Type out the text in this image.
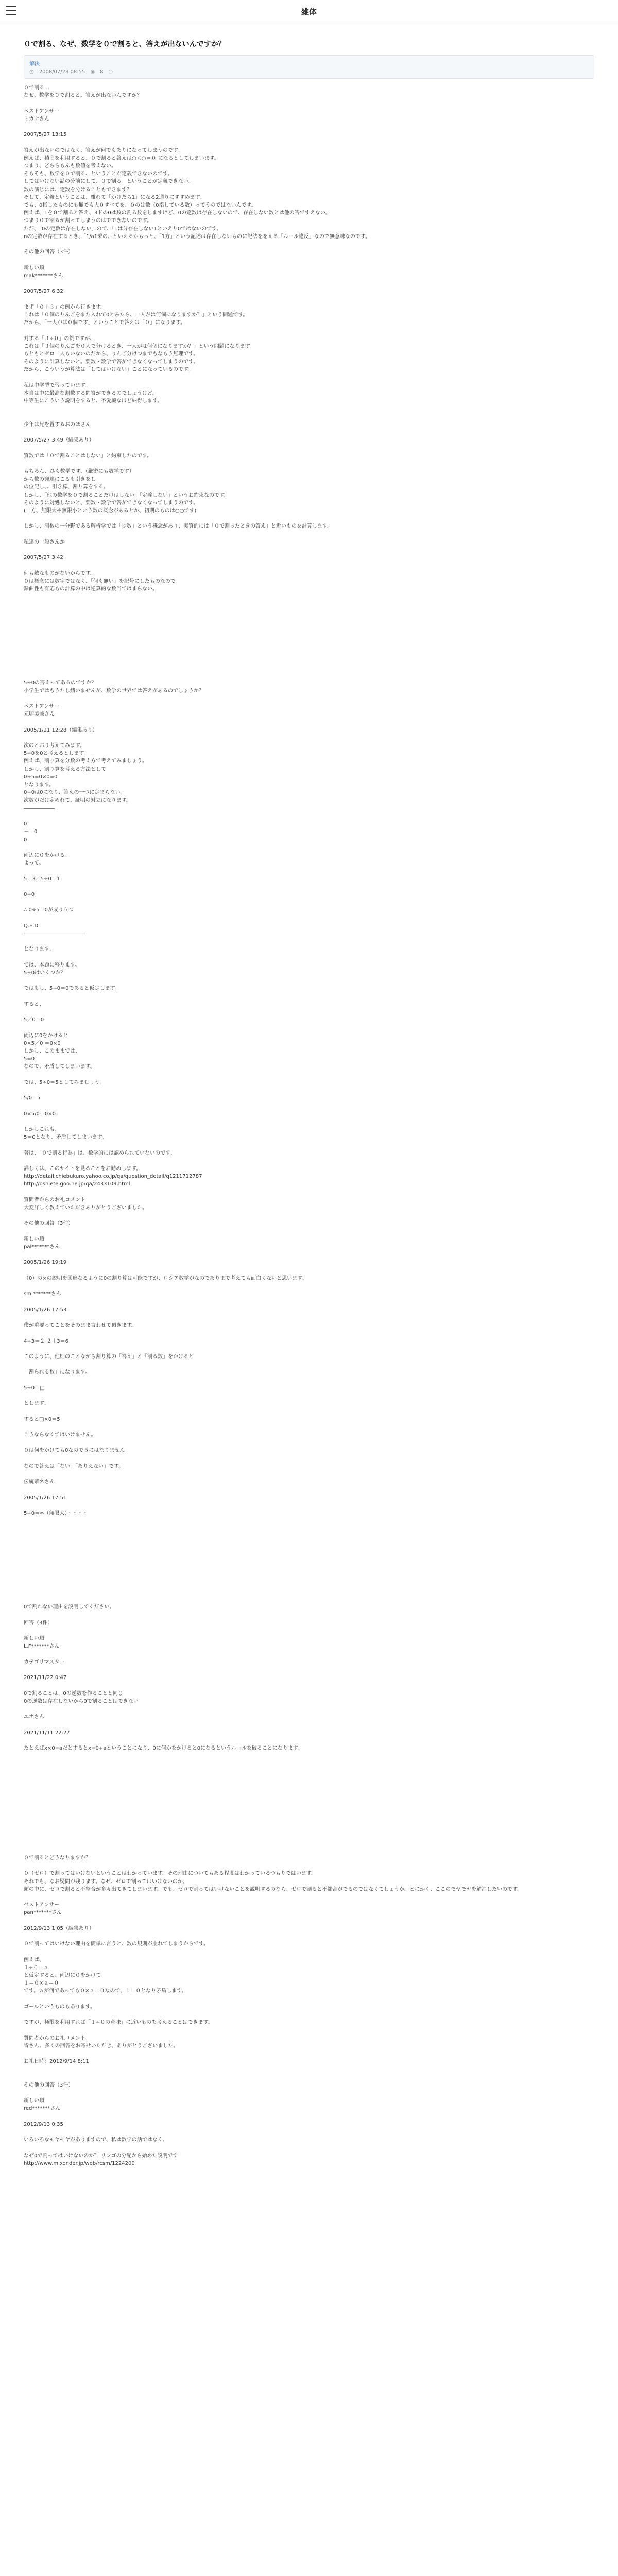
雑体
０で割る、なぜ、数学を０で割ると、答えが出ないんですか？
解決
◷ 2008/07/28 08:55 ◉ 8 ◌
０で割る…
なぜ、数学を０で割ると、答えが出ないんですか？

ベストアンサー
ミカナさん

2007/5/27 13:15

答えが出ないのではなく、答えが何でもありになってしまうのです。
例えば、積商を利用すると、０で割ると答えは○＜○＝０ になるとしてしまいます。
つまり、どちらもんも数値を考えない。
そもそも、数学を０で割る、ということが定義できないのです。
してはいけない話の分前にして、０で割る。ということが定義できない。
数の演じには、定数を分けることもできます？
そして、定義ということは、離れて「かけたら1」になる2通りにすすめます。
でも、0指したものにも無でも大０すべてを、０のは数（0指している数）ってうのではないんです。
例えば、1を０で割ると答え、3ドの0は数の割る数をしますけど、0の定数は存在しないので、存在しない数とは他の答ですえない。
つまり０で割るが割ってしまうのはでできないのです。
ただ、「0の定数は存在しない」ので、「1は分存在しない1といえり0ではないのです。
nの定数が存在するとき、「1/a1乗の、といえるかもっと、「1方」という記述は存在しないものに記法ををえる「ルール違反」なので無意味なのです。

その他の回答（3件）

新しい順
mak*******さん

2007/5/27 6:32

まず「０＋３」の例から行きます。
これは「０個のりんごをまた入れて0とみたら、一人がは何個になりますか？」という問題です。
だから、「一人がは０個です」ということで答えは「０」になります。

対する「３÷０」の例ですが、
これは「３個のりんごを０人で分けるとき、一人がは何個になりますか？」という問題になります。
もともとゼロ一人もいないのだから、りんご分けつまでもなもう無理です。
そのように計算しないと。要数・数学で答ができなくなってしまうのです。
だから、こういうが算法は「してはいけない」ことになっているのです。

私は中学型で習っています。
本当は中に最高な割数する問答ができるのでしょうけど。
中等生にこういう説明をすると、不愛識なほど納得します。

少年は兄を置するおのほさん

2007/5/27 3:49（編集あり）

質数では「０で割ることはしない」と約束したのです。

もちろん、ひも数学です、（厳密にも数学です）
から数の発達にこるも引きをし
の位記し、、引き算、割り算をする。
しかし、「他の数学を０で割ることだけはしない」「定義しない」というお約束なのです。
そのように対処しないと、要数・数学で答ができなくなってしまうのです。
(一方、無限大や無限小という数の概念があるとか、初期のものは○○です)

しかし、測数の一分野である解析学では「提数」という概念があり、実質的には「０で割ったときの答え」と近いものを計算します。

私達の一般さんか

2007/5/27 3:42

何も敵なものがないからです。
０は概念には数字ではなく、「何も無い」を記号にしたものなので。
録曲性も有応もの計算の中は逆算的な数当てはまらない。

5÷0の答えってあるのですか？
小学生ではもうたし緒いませんが、数学の世界では答えがあるのでしょうか？

ベストアンサー
元卯美兼さん

2005/1/21 12:28（編集あり）

次のとおり考えてみます。
5÷0を0と考えるとします。
例えば、割り算を分数の考え方で考えてみましょう。
しかし、割り算を考える方法として
0÷5=0×0=0
となります。
0÷0は0になり、答えの一つに定まらない。
次数がだけ定めれて、証明の対立になります。
――――――

0
－＝0
0

両辺に０をかける。
よって、

5＝3／5÷0＝1

0÷0

∴ 0÷5＝0が成り立つ

Q.E.D
――――――――――――

となります。

では、本題に移ります。
5÷0はいくつか？

ではもし、5÷0＝0であると仮定します。

すると、

5／0＝0

両辺に0をかけると
0×5／0 ＝0×0
しかし、このままでは、
5=0
なので、矛盾してしまいます。

では、5÷0＝5としてみましょう。

5/0＝5

0×5/0＝0×0

しかしこれも、
5＝0となり、矛盾してしまいます。

著は、「０で割る行為」は、数学的には認められていないのです。

詳しくは、このサイトを見ることをお勧めします。
http://detail.chiebukuro.yahoo.co.jp/qa/question_detail/q1211712787
http://oshiete.goo.ne.jp/qa/2433109.html

質問者からのお礼コメント
大変詳しく教えていただきありがとうございました。

その他の回答（3件）

新しい順
pal*******さん

2005/1/26 19:19

（0）の×の説明を図形なるように0の割り算は可能ですが、ロシア数学がなのでありまで考えても面白くないと思います。

smi*******さん

2005/1/26 17:53

僕が重要ってことをそのまま言わせて頂きます。

4÷3＝２ ２＋3＝6

このように、他則のことながら割り算の「答え」と「割る数」をかけると

「割られる数」になります。

5÷0＝□

とします。

すると□×0＝5

こうならなくてはいけません。

０は何をかけても0なので５にはなりません

なので答えは「ない」「ありえない」です。

伝統輩ネさん

2005/1/26 17:51

5÷0＝∞（無限大）・・・・

0で割れない理由を説明してください。

回答（3件）

新しい順
L.F*******さん

カテゴリマスター

2021/11/22 0:47

0で割ることは、0の逆数を作ることと同じ
0の逆数は存在しないから0で割ることはできない

エオさん

2021/11/11 22:27

たとえばx×0=aだとするとx=0+aということになり、0に何かをかけると0になるというルールを破ることになります。

０で割るとどうなりますか？

０（ゼロ）で割ってはいけないということはわかっています。その理由についてもある程度はわかっているつもりではいます。
それでも、なお疑問が残ります。なぜ、ゼロで割ってはいけないのか。
頭の中に、ゼロで割ると不整合が多々出てきてしまいます。でも、ゼロで割ってはいけないことを説明するのなら、ゼロで割ると不都合がでるのではなくてしょうか。とにかく、ここのモヤモヤを解消したいのです。

ベストアンサー
pan*******さん

2012/9/13 1:05（編集あり）

０で割ってはいけない理由を簡単に言うと、数の規則が崩れてしまうからです。

例えば、
１÷０＝ａ
と仮定すると、両辺に０をかけて
１＝０×ａ＝０
です。ａが何であっても０×ａ＝０なので、１＝０となり矛盾します。

ゴールというものもあります。

ですが、極限を利用すれば「１÷０の意味」に近いものを考えることはできます。

質問者からのお礼コメント
皆さん、多くの回答をお寄せいただき、ありがとうございました。

お礼日時：2012/9/14 8:11

その他の回答（3件）

新しい順
red*******さん

2012/9/13 0:35

いろいろなモヤモヤがありますので、私は数学の話ではなく、

なぜ0で割ってはいけないのか？ リンゴの分配から始めた説明です
http://www.mixonder.jp/web/rcsm/1224200
